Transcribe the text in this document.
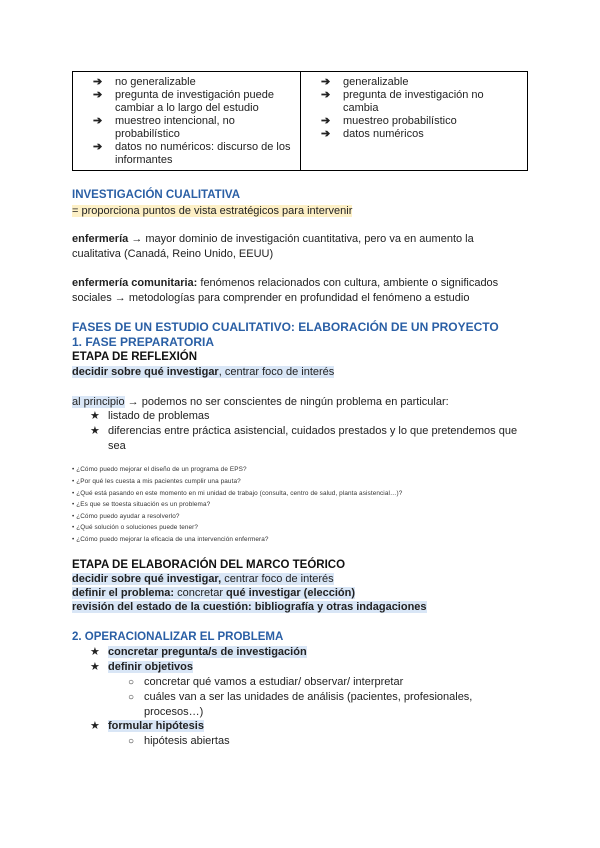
➔ no generalizable
➔ pregunta de investigación puede cambiar a lo largo del estudio
➔ muestreo intencional, no probabilístico
➔ datos no numéricos: discurso de los informantes
➔ generalizable
➔ pregunta de investigación no cambia
➔ muestreo probabilístico
➔ datos numéricos
INVESTIGACIÓN CUALITATIVA
= proporciona puntos de vista estratégicos para intervenir
enfermería → mayor dominio de investigación cuantitativa, pero va en aumento la
cualitativa (Canadá, Reino Unido, EEUU)
enfermería comunitaria: fenómenos relacionados con cultura, ambiente o significados
sociales → metodologías para comprender en profundidad el fenómeno a estudio
FASES DE UN ESTUDIO CUALITATIVO: ELABORACIÓN DE UN PROYECTO
1. FASE PREPARATORIA
ETAPA DE REFLEXIÓN
decidir sobre qué investigar, centrar foco de interés
al principio → podemos no ser conscientes de ningún problema en particular:
★ listado de problemas
★ diferencias entre práctica asistencial, cuidados prestados y lo que pretendemos que
sea
• ¿Cómo puedo mejorar el diseño de un programa de EPS?
• ¿Por qué les cuesta a mis pacientes cumplir una pauta?
• ¿Qué está pasando en este momento en mi unidad de trabajo (consulta, centro de salud, planta asistencial…)?
• ¿Es que se ttoesta situación es un problema?
• ¿Cómo puedo ayudar a resolverlo?
• ¿Qué solución o soluciones puede tener?
• ¿Cómo puedo mejorar la eficacia de una intervención enfermera?
ETAPA DE ELABORACIÓN DEL MARCO TEÓRICO
decidir sobre qué investigar, centrar foco de interés
definir el problema: concretar qué investigar (elección)
revisión del estado de la cuestión: bibliografía y otras indagaciones
2. OPERACIONALIZAR EL PROBLEMA
★ concretar pregunta/s de investigación
★ definir objetivos
○ concretar qué vamos a estudiar/ observar/ interpretar
○ cuáles van a ser las unidades de análisis (pacientes, profesionales,
procesos…)
★ formular hipótesis
○ hipótesis abiertas
